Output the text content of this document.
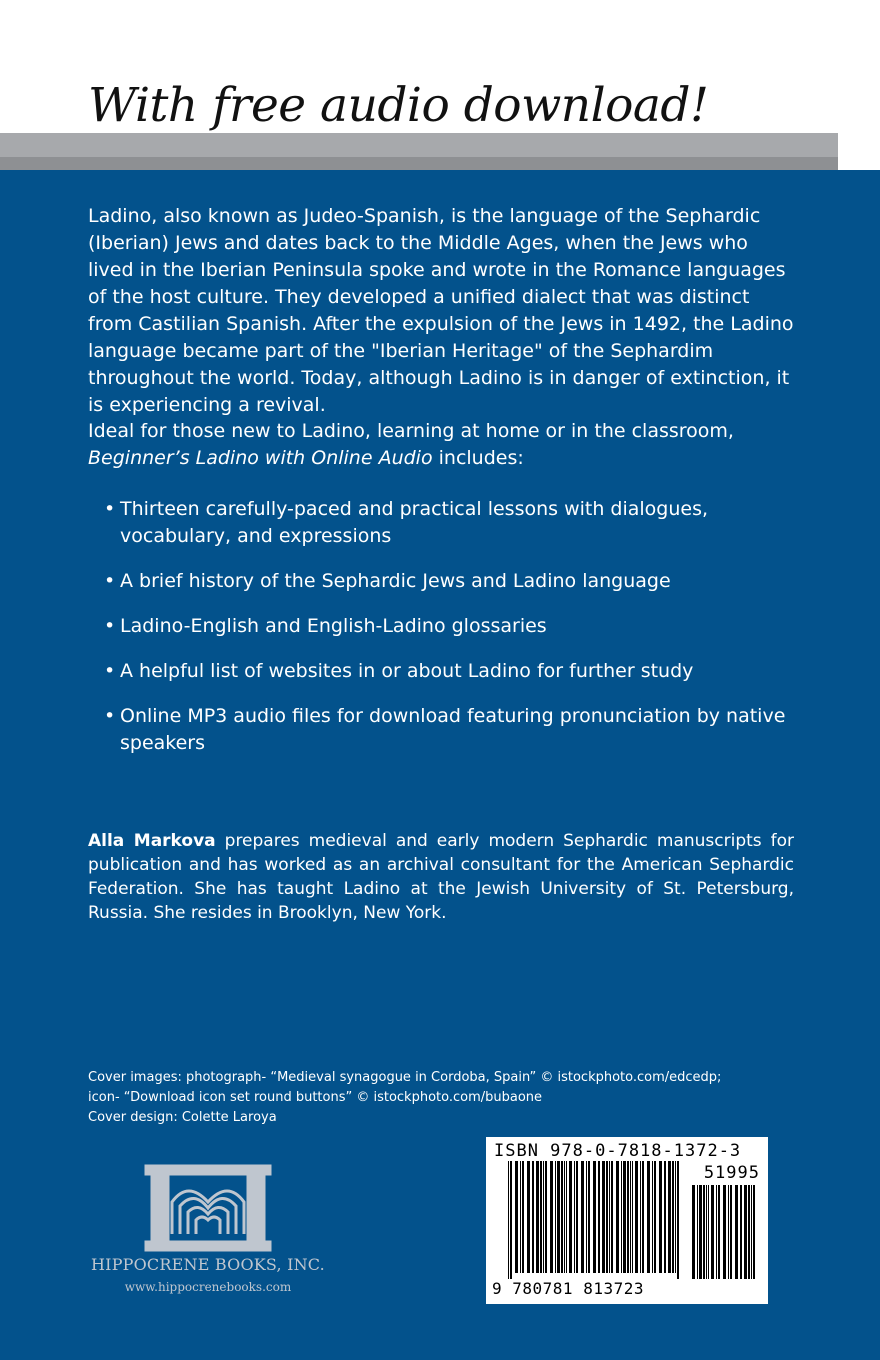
With free audio download!

Ladino, also known as Judeo-Spanish, is the language of the Sephardic (Iberian) Jews and dates back to the Middle Ages, when the Jews who lived in the Iberian Peninsula spoke and wrote in the Romance languages of the host culture. They developed a unified dialect that was distinct from Castilian Spanish. After the expulsion of the Jews in 1492, the Ladino language became part of the "Iberian Heritage" of the Sephardim throughout the world. Today, although Ladino is in danger of extinction, it is experiencing a revival.

Ideal for those new to Ladino, learning at home or in the classroom,
Beginner’s Ladino with Online Audio includes:

• Thirteen carefully-paced and practical lessons with dialogues, vocabulary, and expressions
• A brief history of the Sephardic Jews and Ladino language
• Ladino-English and English-Ladino glossaries
• A helpful list of websites in or about Ladino for further study
• Online MP3 audio files for download featuring pronunciation by native speakers

Alla Markova prepares medieval and early modern Sephardic manuscripts for publication and has worked as an archival consultant for the American Sephardic Federation. She has taught Ladino at the Jewish University of St. Petersburg, Russia. She resides in Brooklyn, New York.

Cover images: photograph- “Medieval synagogue in Cordoba, Spain” © istockphoto.com/edcedp;
icon- “Download icon set round buttons” © istockphoto.com/bubaone
Cover design: Colette Laroya

HIPPOCRENE BOOKS, INC.
www.hippocrenebooks.com
ISBN 978-0-7818-1372-3
51995
9 780781 813723
